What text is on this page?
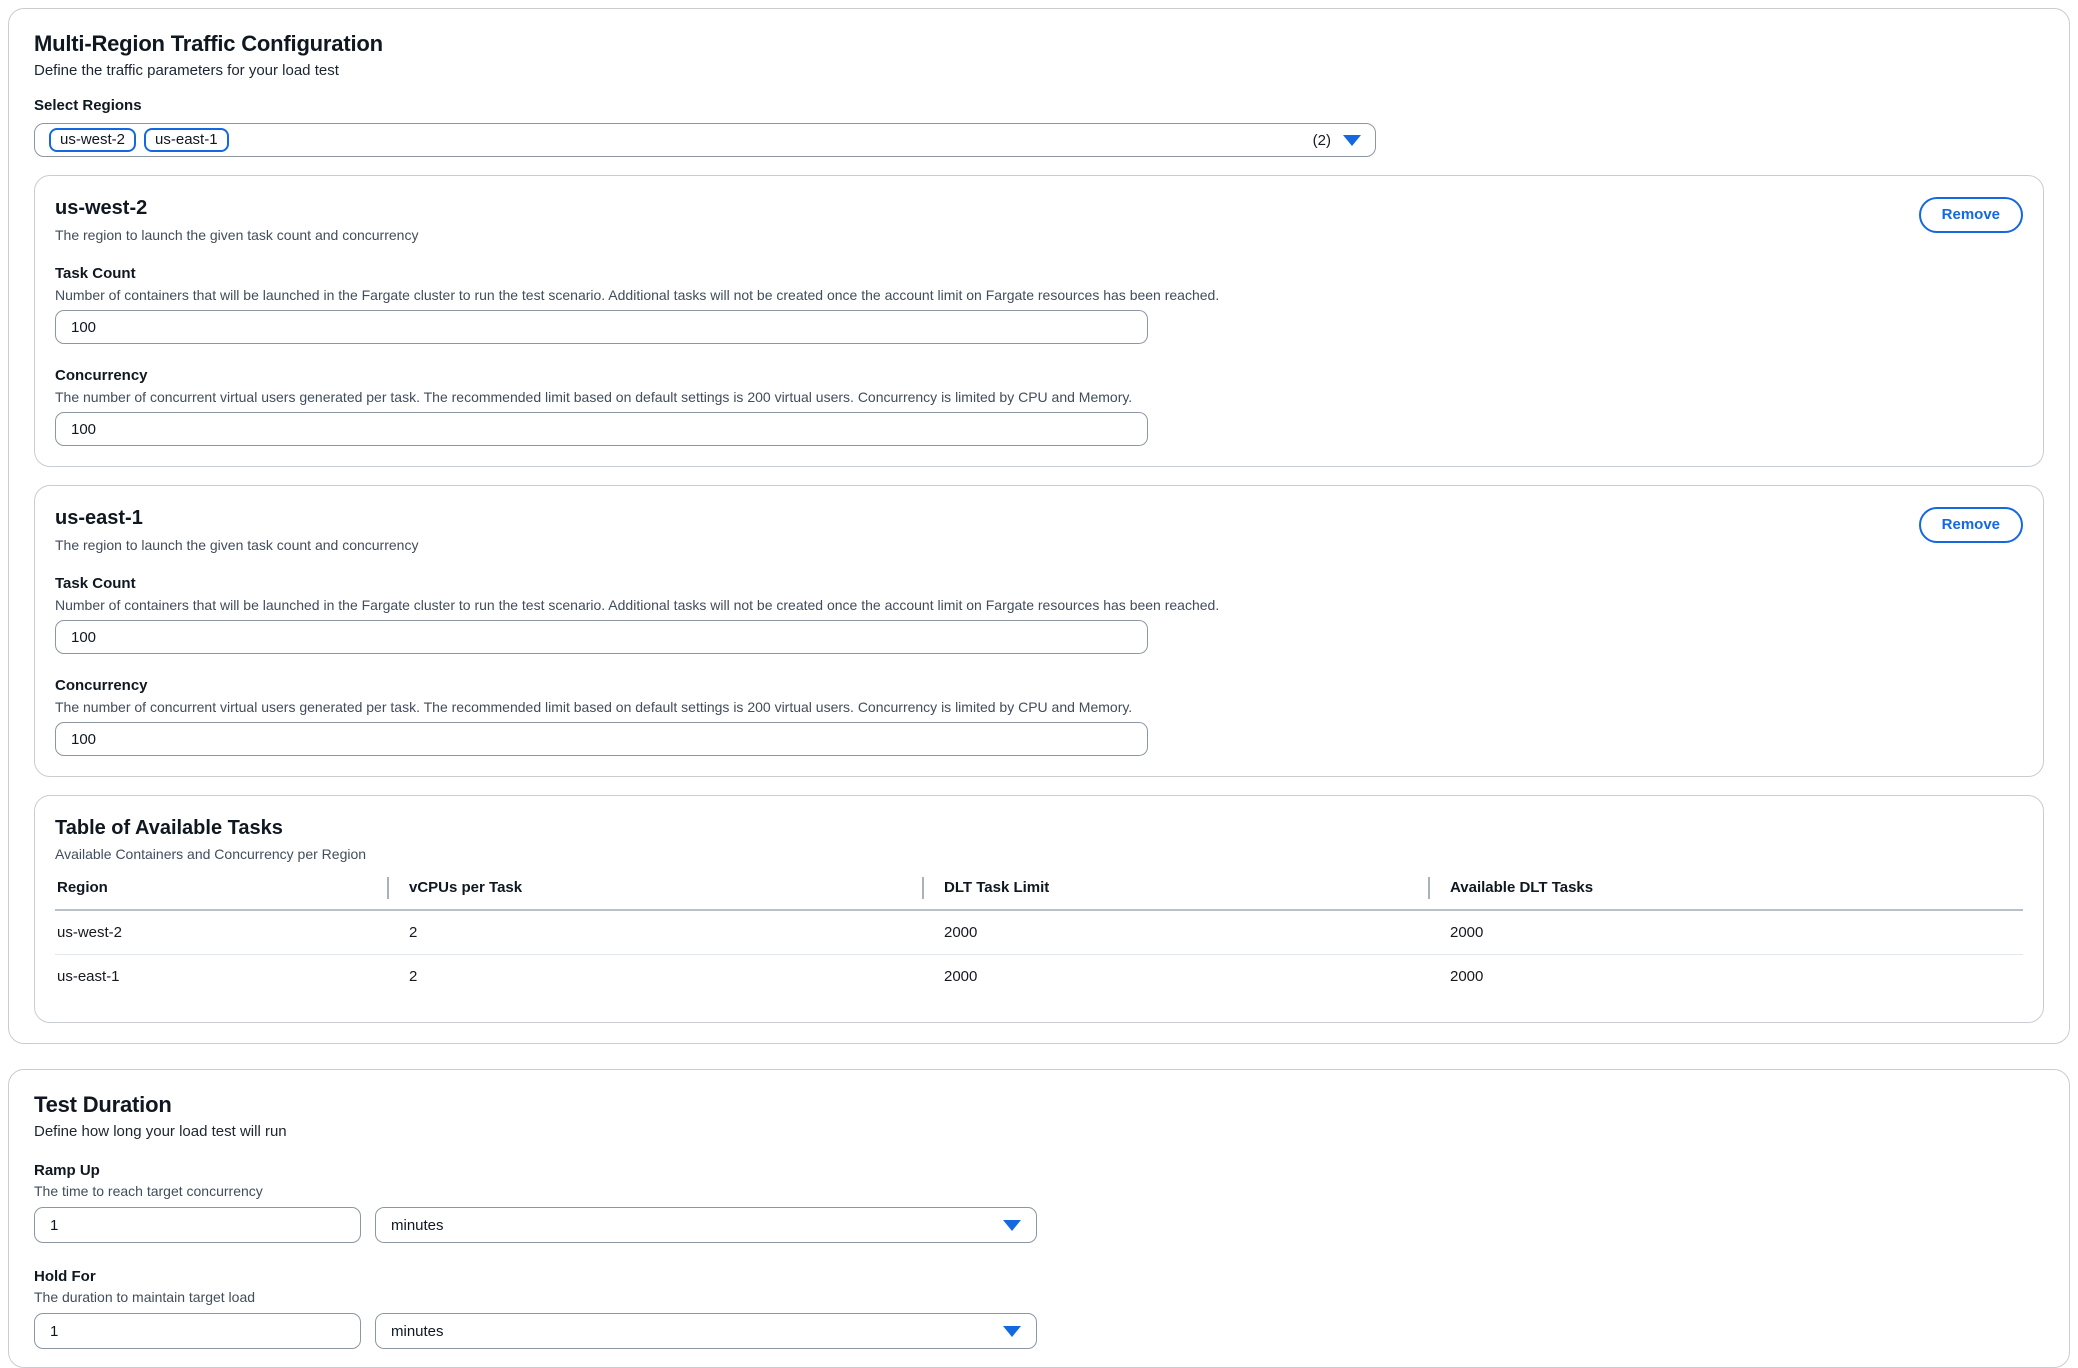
Multi-Region Traffic Configuration
Define the traffic parameters for your load test
Select Regions
us-west-2	us-east-1	(2)
us-west-2
The region to launch the given task count and concurrency
Remove
Task Count
Number of containers that will be launched in the Fargate cluster to run the test scenario. Additional tasks will not be created once the account limit on Fargate resources has been reached.
100
Concurrency
The number of concurrent virtual users generated per task. The recommended limit based on default settings is 200 virtual users. Concurrency is limited by CPU and Memory.
100
us-east-1
The region to launch the given task count and concurrency
Remove
Task Count
Number of containers that will be launched in the Fargate cluster to run the test scenario. Additional tasks will not be created once the account limit on Fargate resources has been reached.
100
Concurrency
The number of concurrent virtual users generated per task. The recommended limit based on default settings is 200 virtual users. Concurrency is limited by CPU and Memory.
100
Table of Available Tasks
Available Containers and Concurrency per Region
Region	vCPUs per Task	DLT Task Limit	Available DLT Tasks
us-west-2	2	2000	2000
us-east-1	2	2000	2000
Test Duration
Define how long your load test will run
Ramp Up
The time to reach target concurrency
1
minutes
Hold For
The duration to maintain target load
1
minutes
